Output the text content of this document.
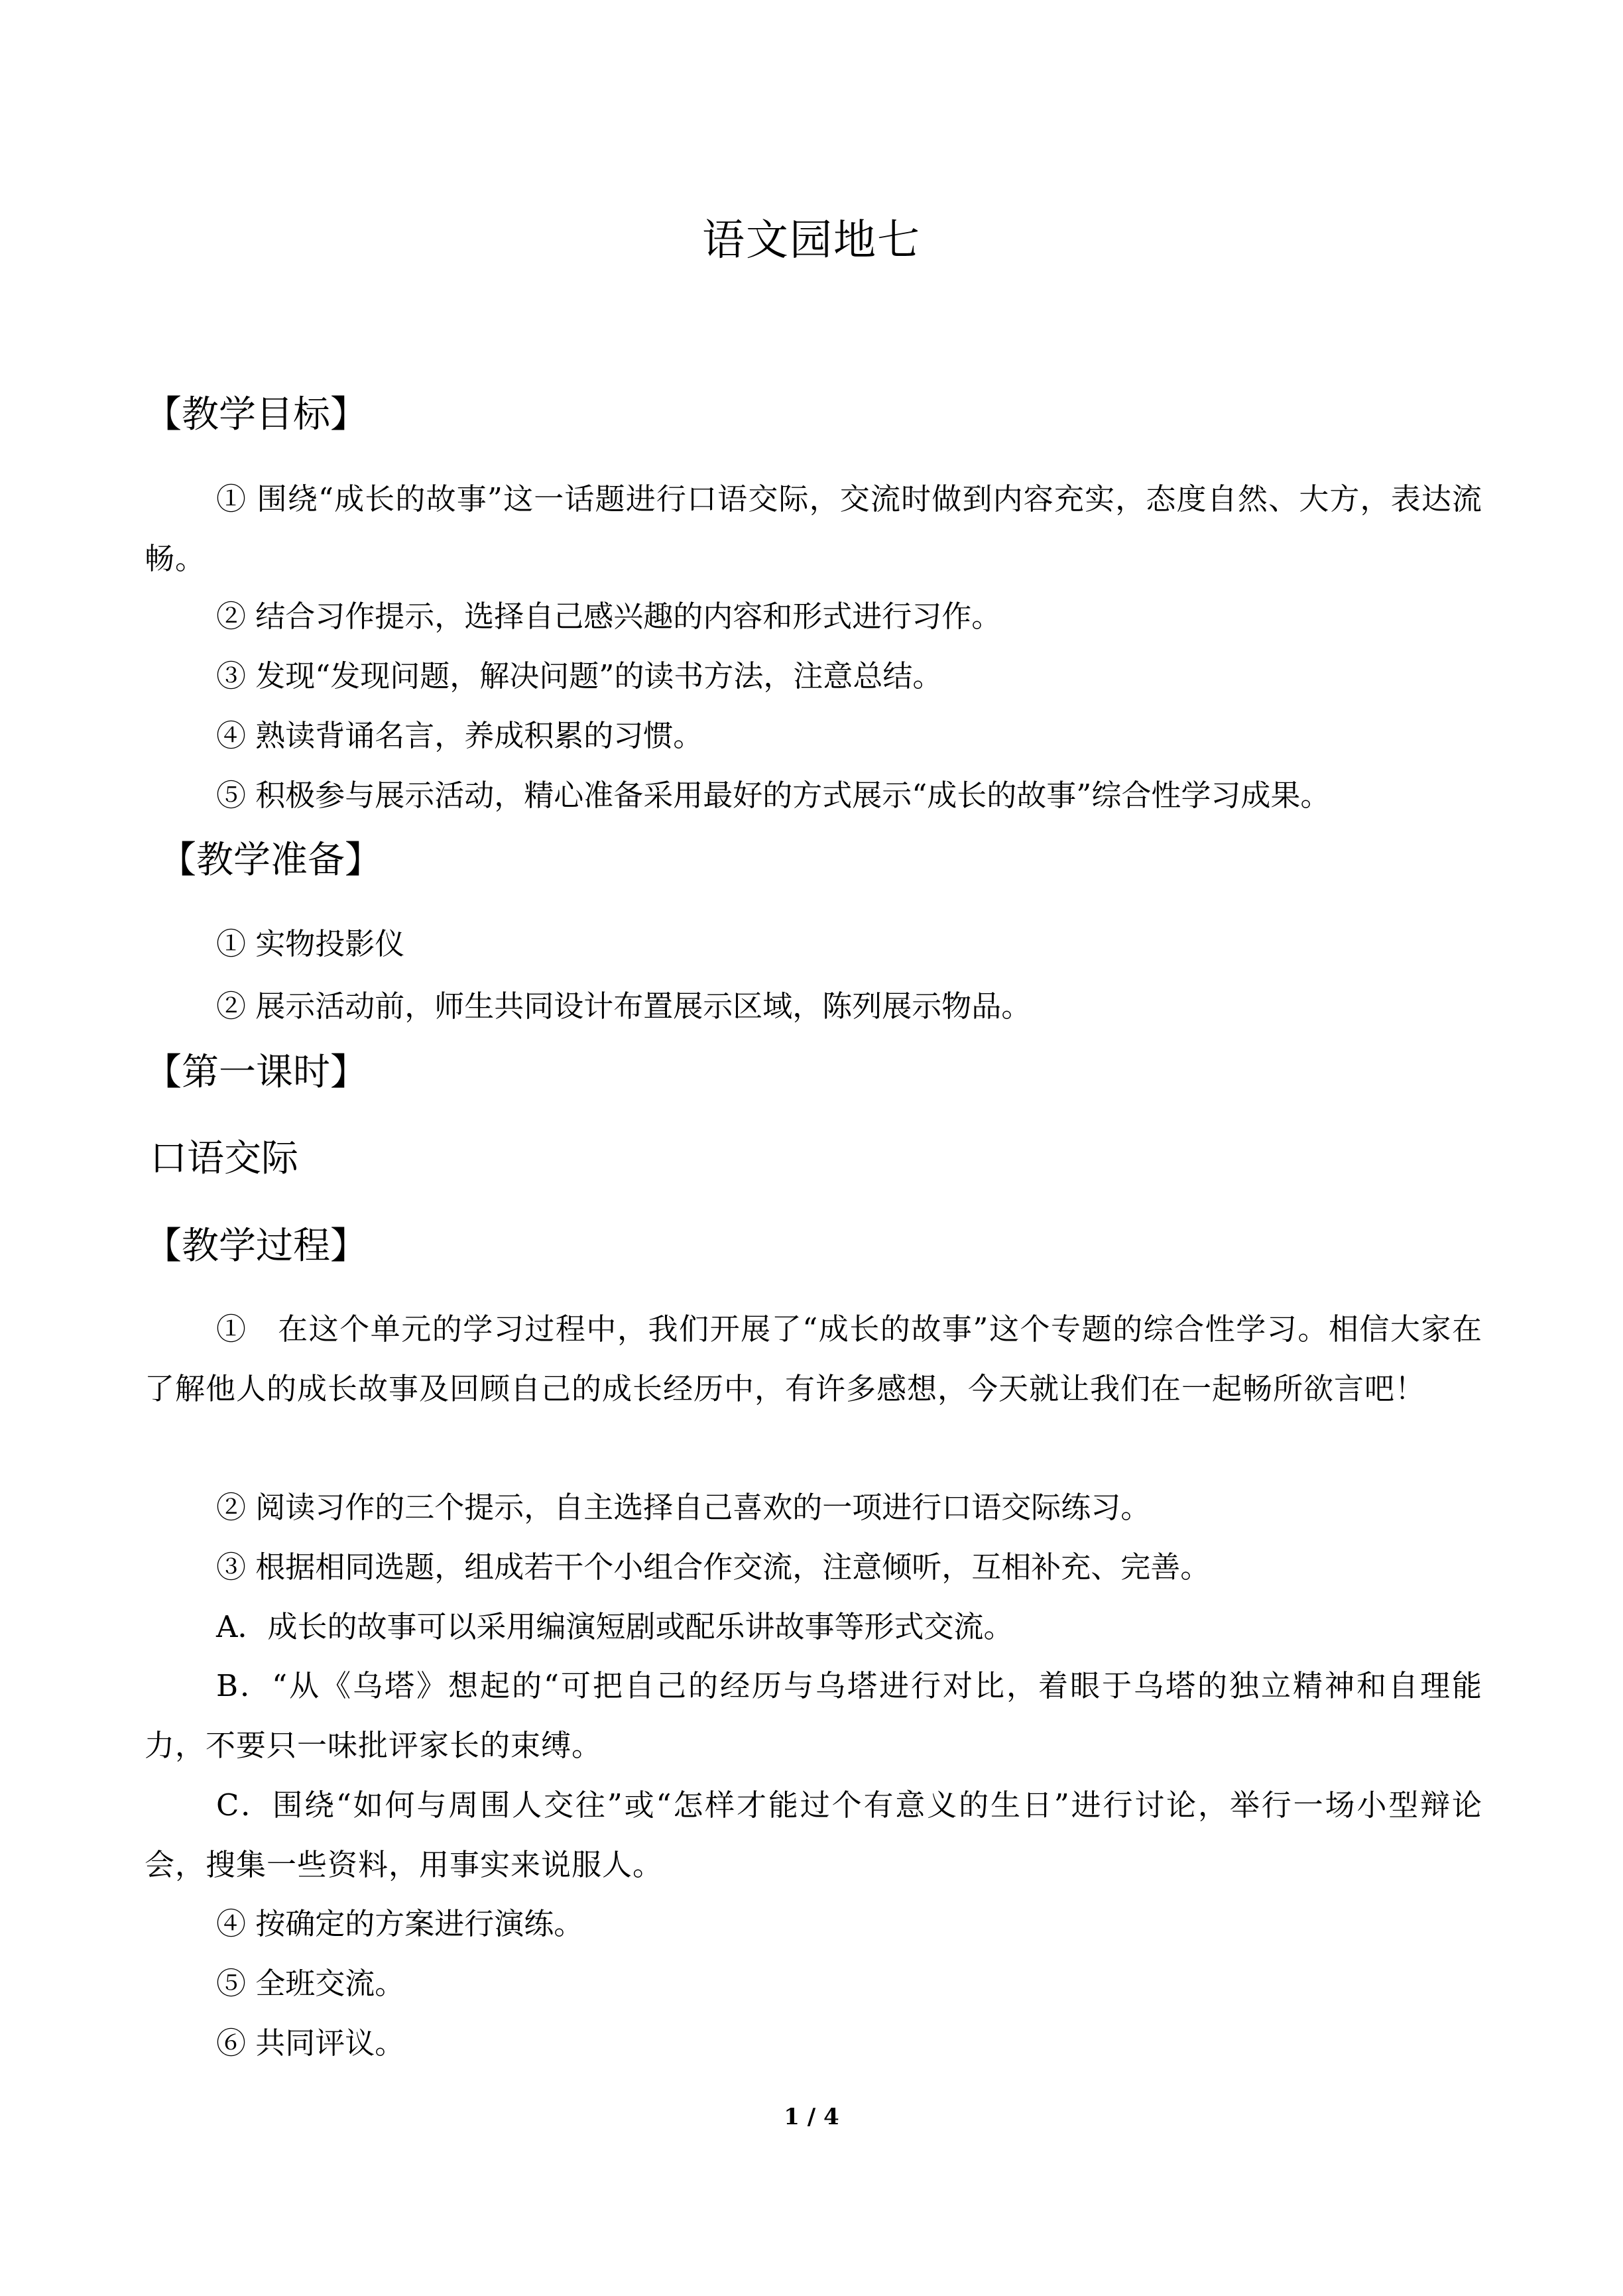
语文园地七
【教学目标】
① 围绕“成长的故事”这一话题进行口语交际，交流时做到内容充实，态度自然、大方，表达流畅。
② 结合习作提示，选择自己感兴趣的内容和形式进行习作。
③ 发现“发现问题，解决问题”的读书方法，注意总结。
④ 熟读背诵名言，养成积累的习惯。
⑤ 积极参与展示活动，精心准备采用最好的方式展示“成长的故事”综合性学习成果。
【教学准备】
① 实物投影仪
② 展示活动前，师生共同设计布置展示区域，陈列展示物品。
【第一课时】
口语交际
【教学过程】
①　在这个单元的学习过程中，我们开展了“成长的故事”这个专题的综合性学习。相信大家在了解他人的成长故事及回顾自己的成长经历中，有许多感想，今天就让我们在一起畅所欲言吧！
② 阅读习作的三个提示，自主选择自己喜欢的一项进行口语交际练习。
③ 根据相同选题，组成若干个小组合作交流，注意倾听，互相补充、完善。
A．成长的故事可以采用编演短剧或配乐讲故事等形式交流。
B．“从《乌塔》想起的“可把自己的经历与乌塔进行对比，着眼于乌塔的独立精神和自理能力，不要只一味批评家长的束缚。
C．围绕“如何与周围人交往”或“怎样才能过个有意义的生日”进行讨论，举行一场小型辩论会，搜集一些资料，用事实来说服人。
④ 按确定的方案进行演练。
⑤ 全班交流。
⑥ 共同评议。
1 / 4
